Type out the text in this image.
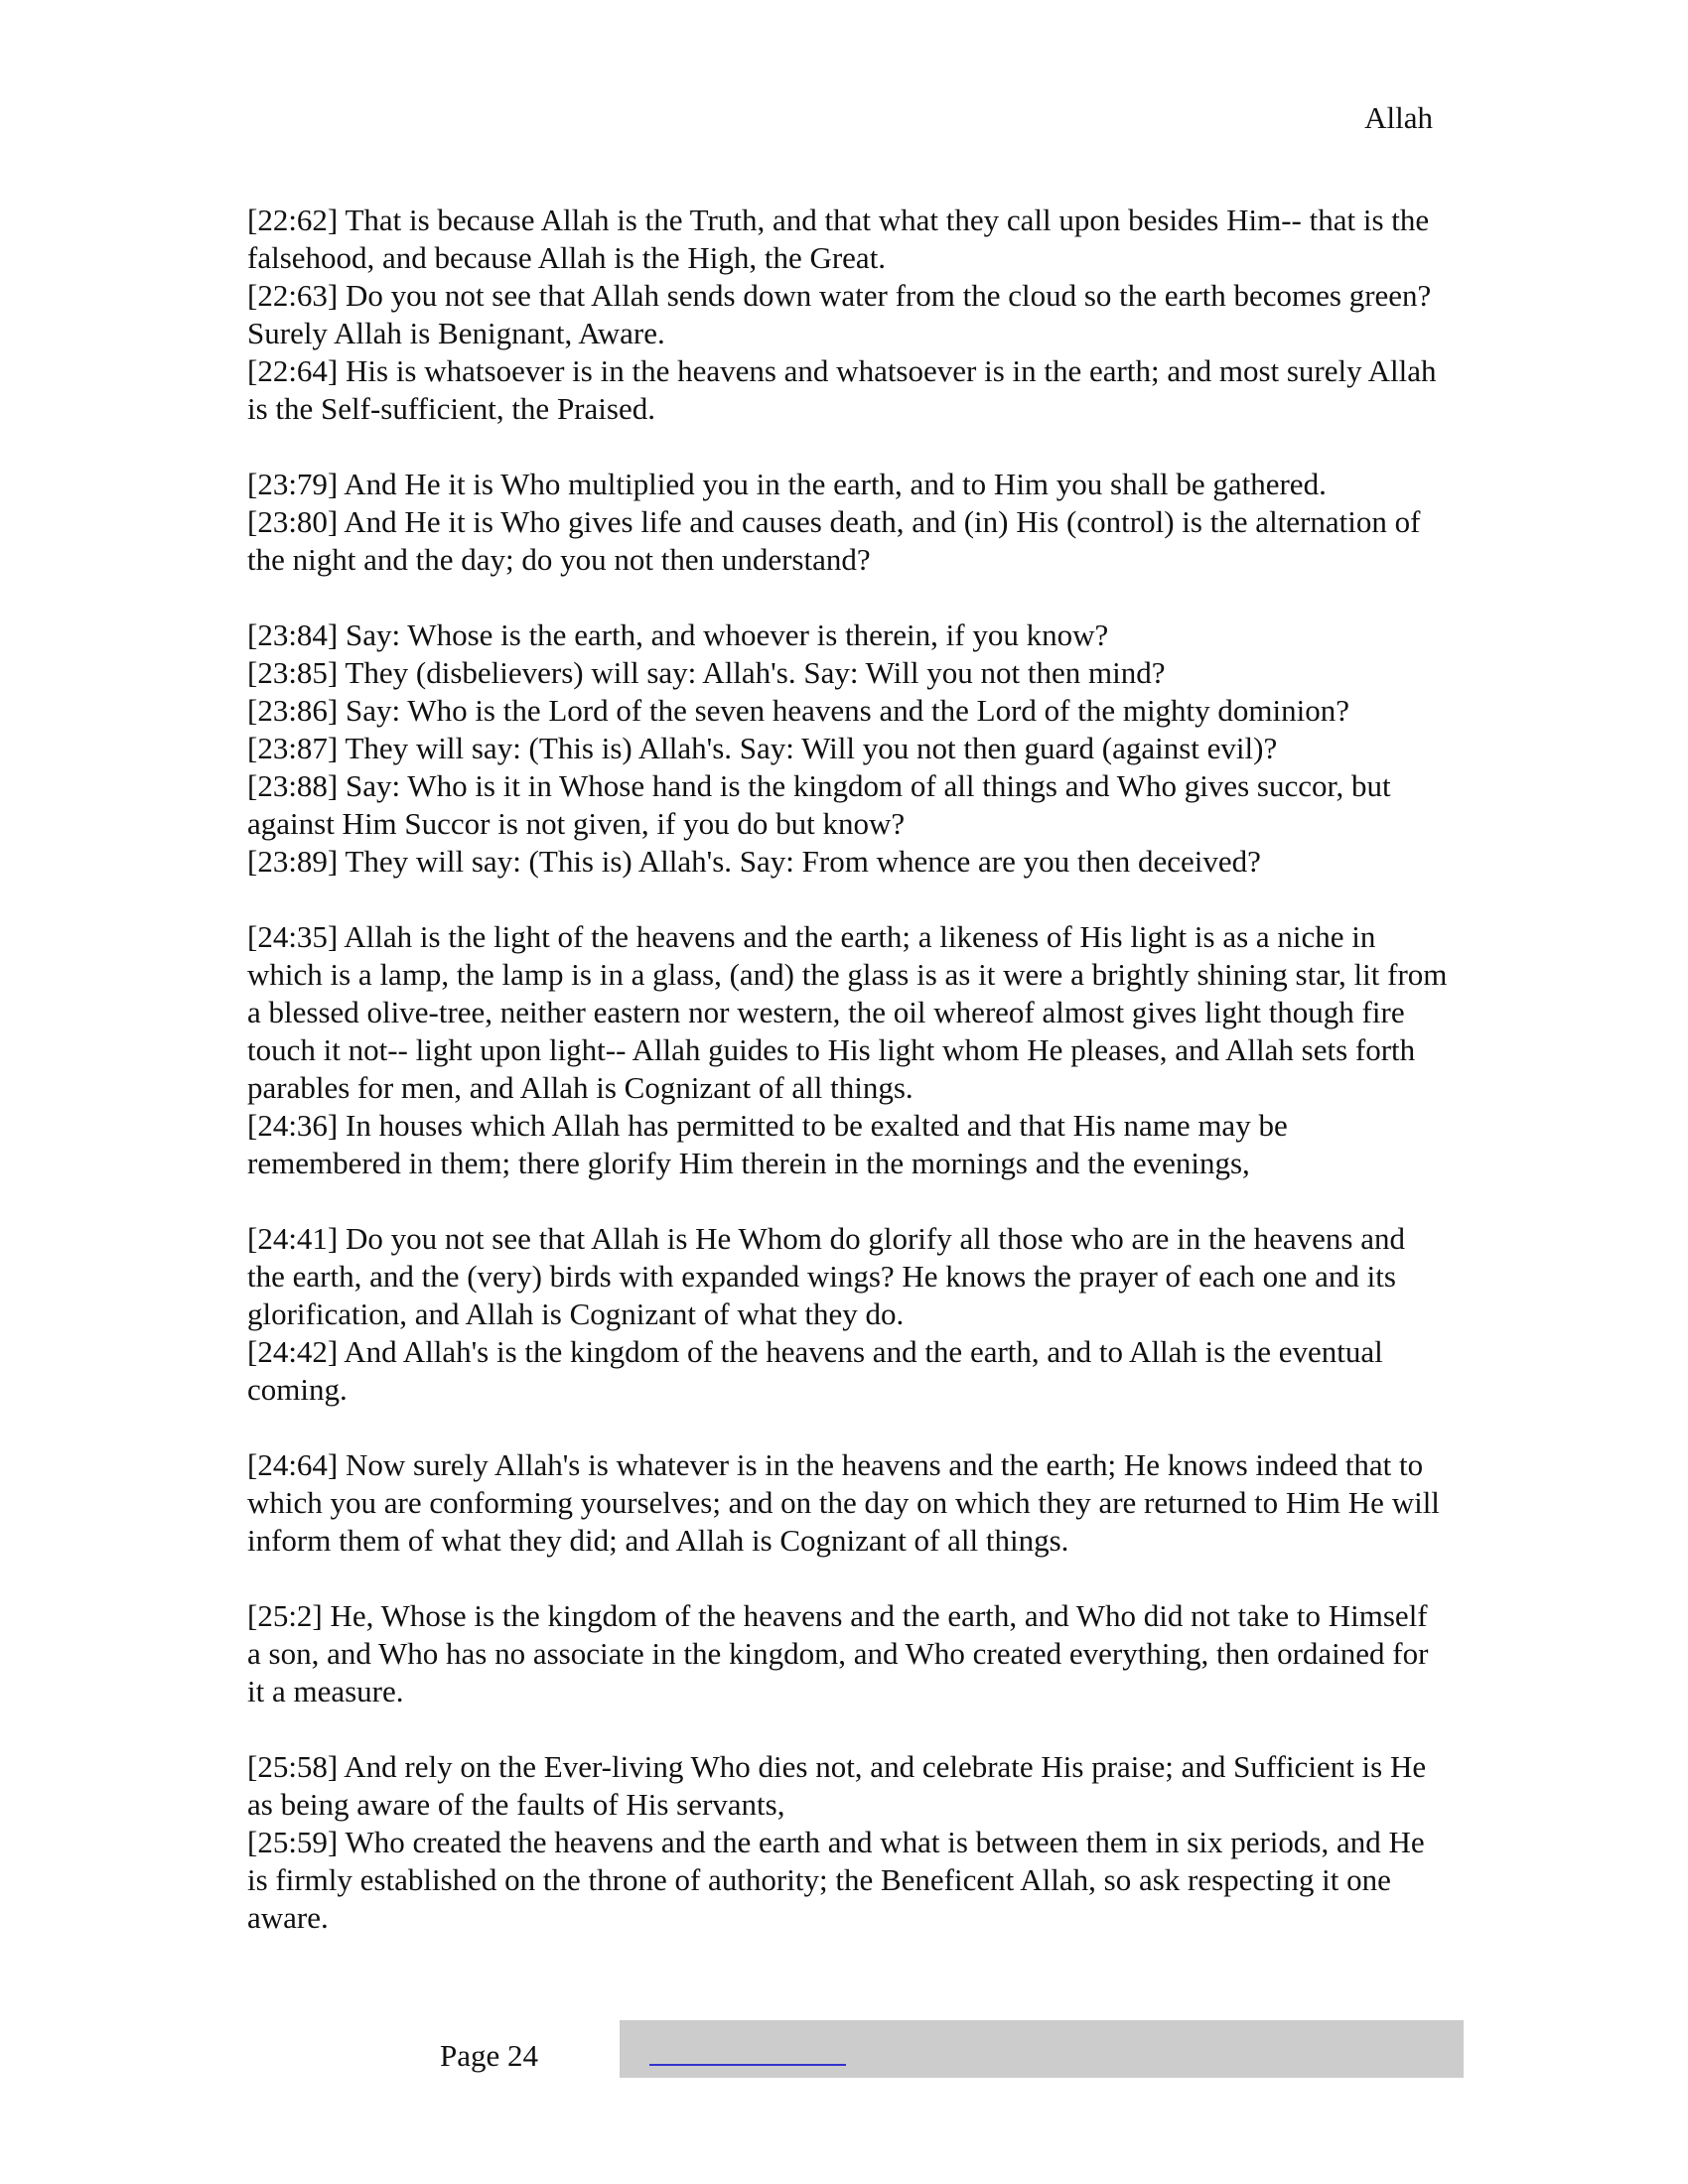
Allah
[22:62] That is because Allah is the Truth, and that what they call upon besides Him-- that is the falsehood, and because Allah is the High, the Great.
[22:63] Do you not see that Allah sends down water from the cloud so the earth becomes green? Surely Allah is Benignant, Aware.
[22:64] His is whatsoever is in the heavens and whatsoever is in the earth; and most surely Allah is the Self-sufficient, the Praised.
[23:79] And He it is Who multiplied you in the earth, and to Him you shall be gathered.
[23:80] And He it is Who gives life and causes death, and (in) His (control) is the alternation of the night and the day; do you not then understand?
[23:84] Say: Whose is the earth, and whoever is therein, if you know?
[23:85] They (disbelievers) will say: Allah's. Say: Will you not then mind?
[23:86] Say: Who is the Lord of the seven heavens and the Lord of the mighty dominion?
[23:87] They will say: (This is) Allah's. Say: Will you not then guard (against evil)?
[23:88] Say: Who is it in Whose hand is the kingdom of all things and Who gives succor, but against Him Succor is not given, if you do but know?
[23:89] They will say: (This is) Allah's. Say: From whence are you then deceived?
[24:35] Allah is the light of the heavens and the earth; a likeness of His light is as a niche in which is a lamp, the lamp is in a glass, (and) the glass is as it were a brightly shining star, lit from a blessed olive-tree, neither eastern nor western, the oil whereof almost gives light though fire touch it not-- light upon light-- Allah guides to His light whom He pleases, and Allah sets forth parables for men, and Allah is Cognizant of all things.
[24:36] In houses which Allah has permitted to be exalted and that His name may be remembered in them; there glorify Him therein in the mornings and the evenings,
[24:41] Do you not see that Allah is He Whom do glorify all those who are in the heavens and the earth, and the (very) birds with expanded wings? He knows the prayer of each one and its glorification, and Allah is Cognizant of what they do.
[24:42] And Allah's is the kingdom of the heavens and the earth, and to Allah is the eventual coming.
[24:64] Now surely Allah's is whatever is in the heavens and the earth; He knows indeed that to which you are conforming yourselves; and on the day on which they are returned to Him He will inform them of what they did; and Allah is Cognizant of all things.
[25:2] He, Whose is the kingdom of the heavens and the earth, and Who did not take to Himself a son, and Who has no associate in the kingdom, and Who created everything, then ordained for it a measure.
[25:58] And rely on the Ever-living Who dies not, and celebrate His praise; and Sufficient is He as being aware of the faults of His servants,
[25:59] Who created the heavens and the earth and what is between them in six periods, and He is firmly established on the throne of authority; the Beneficent Allah, so ask respecting it one aware.
Page 24
